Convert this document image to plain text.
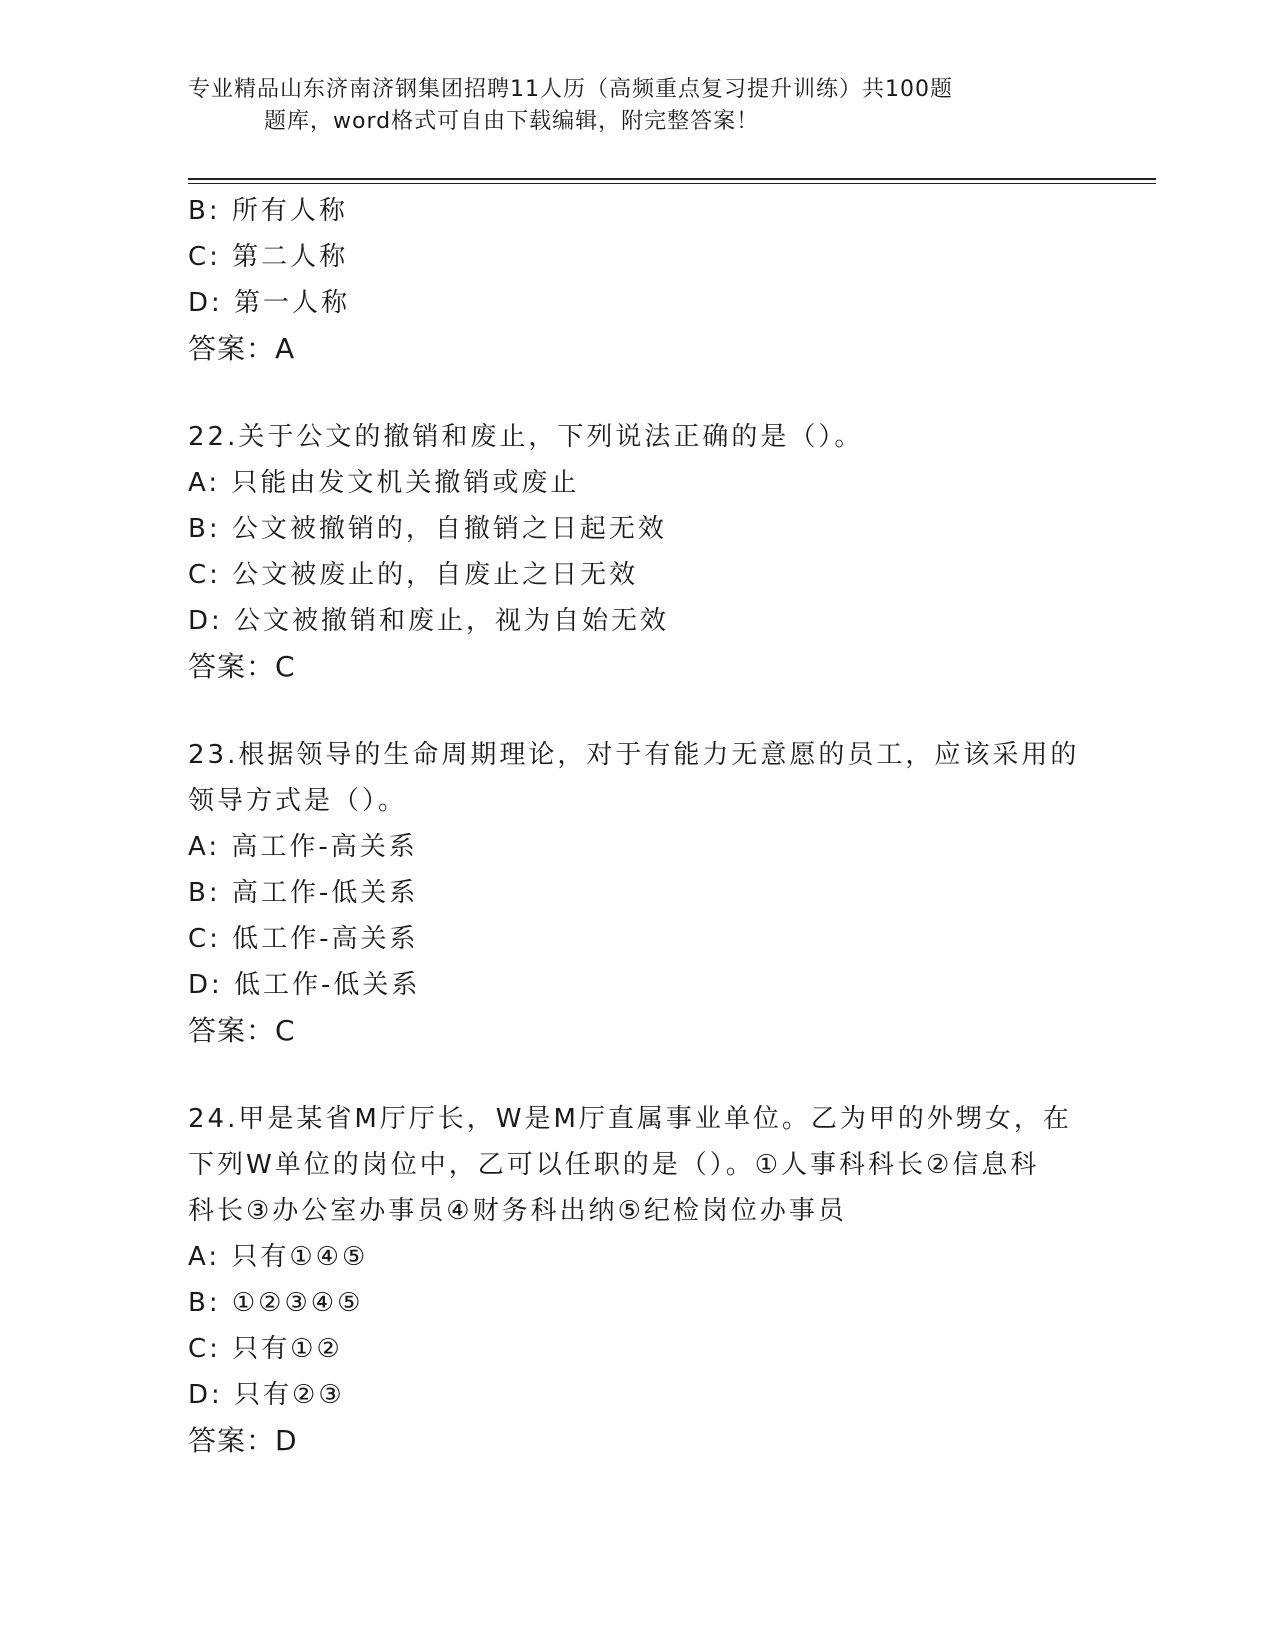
专业精品山东济南济钢集团招聘11人历（高频重点复习提升训练）共100题
题库，word格式可自由下载编辑，附完整答案！
B: 所有人称
C: 第二人称
D: 第一人称
答案：A
22.关于公文的撤销和废止，下列说法正确的是（）。
A: 只能由发文机关撤销或废止
B: 公文被撤销的，自撤销之日起无效
C: 公文被废止的，自废止之日无效
D: 公文被撤销和废止，视为自始无效
答案：C
23.根据领导的生命周期理论，对于有能力无意愿的员工，应该采用的
领导方式是（）。
A: 高工作-高关系
B: 高工作-低关系
C: 低工作-高关系
D: 低工作-低关系
答案：C
24.甲是某省M厅厅长，W是M厅直属事业单位。乙为甲的外甥女，在
下列W单位的岗位中，乙可以任职的是（）。①人事科科长②信息科
科长③办公室办事员④财务科出纳⑤纪检岗位办事员
A: 只有①④⑤
B: ①②③④⑤
C: 只有①②
D: 只有②③
答案：D
